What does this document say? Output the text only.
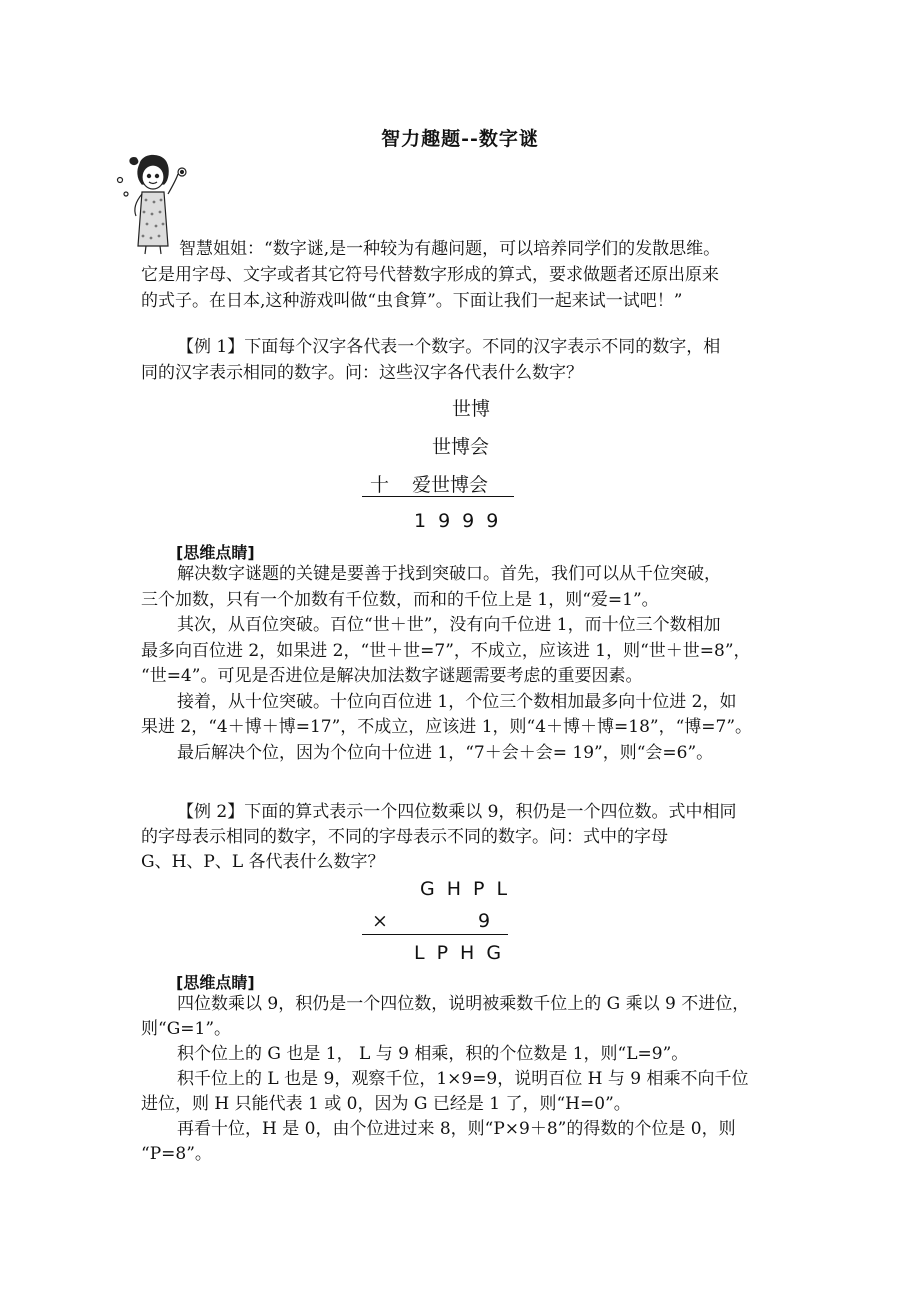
智力趣题--数字谜
智慧姐姐：“数字谜,是一种较为有趣问题，可以培养同学们的发散思维。
它是用字母、文字或者其它符号代替数字形成的算式，要求做题者还原出原来
的式子。在日本,这种游戏叫做“虫食算”。下面让我们一起来试一试吧！”
【例 1】下面每个汉字各代表一个数字。不同的汉字表示不同的数字，相
同的汉字表示相同的数字。问：这些汉字各代表什么数字？
世博
世博会
十 爱世博会
1999
[思维点睛]
解决数字谜题的关键是要善于找到突破口。首先，我们可以从千位突破，
三个加数，只有一个加数有千位数，而和的千位上是 1，则“爱=1”。
其次，从百位突破。百位“世＋世”，没有向千位进 1，而十位三个数相加
最多向百位进 2，如果进 2，“世＋世=7”，不成立，应该进 1，则“世＋世=8”，
“世=4”。可见是否进位是解决加法数字谜题需要考虑的重要因素。
接着，从十位突破。十位向百位进 1，个位三个数相加最多向十位进 2，如
果进 2，“4＋博＋博=17”，不成立，应该进 1，则“4＋博＋博=18”，“博=7”。
最后解决个位，因为个位向十位进 1，“7＋会＋会= 19”，则“会=6”。
【例 2】下面的算式表示一个四位数乘以 9，积仍是一个四位数。式中相同
的字母表示相同的数字，不同的字母表示不同的数字。问：式中的字母
G、H、P、L 各代表什么数字？
GHPL
×	9
LPHG
[思维点睛]
四位数乘以 9，积仍是一个四位数，说明被乘数千位上的 G 乘以 9 不进位，
则“G=1”。
积个位上的 G 也是 1， L 与 9 相乘，积的个位数是 1，则“L=9”。
积千位上的 L 也是 9，观察千位，1×9=9，说明百位 H 与 9 相乘不向千位
进位，则 H 只能代表 1 或 0，因为 G 已经是 1 了，则“H=0”。
再看十位，H 是 0，由个位进过来 8，则“P×9＋8”的得数的个位是 0，则
“P=8”。
